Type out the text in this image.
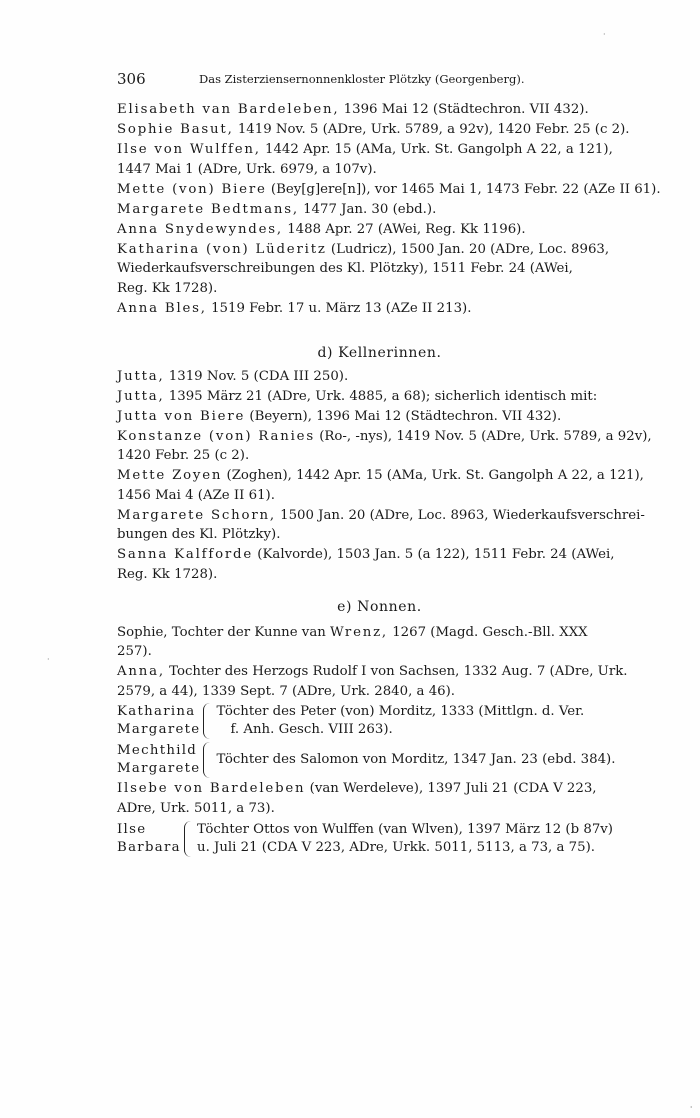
306	Das Zisterziensernonnenkloster Plötzky (Georgenberg).
Elisabeth van Bardeleben, 1396 Mai 12 (Städtechron. VII 432).
Sophie Basut, 1419 Nov. 5 (ADre, Urk. 5789, a 92v), 1420 Febr. 25 (c 2).
Ilse von Wulffen, 1442 Apr. 15 (AMa, Urk. St. Gangolph A 22, a 121),
1447 Mai 1 (ADre, Urk. 6979, a 107v).
Mette (von) Biere (Bey[g]ere[n]), vor 1465 Mai 1, 1473 Febr. 22 (AZe II 61).
Margarete Bedtmans, 1477 Jan. 30 (ebd.).
Anna Snydewyndes, 1488 Apr. 27 (AWei, Reg. Kk 1196).
Katharina (von) Lüderitz (Ludricz), 1500 Jan. 20 (ADre, Loc. 8963,
Wiederkaufsverschreibungen des Kl. Plötzky), 1511 Febr. 24 (AWei,
Reg. Kk 1728).
Anna Bles, 1519 Febr. 17 u. März 13 (AZe II 213).

d) Kellnerinnen.

Jutta, 1319 Nov. 5 (CDA III 250).
Jutta, 1395 März 21 (ADre, Urk. 4885, a 68); sicherlich identisch mit:
Jutta von Biere (Beyern), 1396 Mai 12 (Städtechron. VII 432).
Konstanze (von) Ranies (Ro-, -nys), 1419 Nov. 5 (ADre, Urk. 5789, a 92v),
1420 Febr. 25 (c 2).
Mette Zoyen (Zoghen), 1442 Apr. 15 (AMa, Urk. St. Gangolph A 22, a 121),
1456 Mai 4 (AZe II 61).
Margarete Schorn, 1500 Jan. 20 (ADre, Loc. 8963, Wiederkaufsverschrei-
bungen des Kl. Plötzky).
Sanna Kalfforde (Kalvorde), 1503 Jan. 5 (a 122), 1511 Febr. 24 (AWei,
Reg. Kk 1728).

e) Nonnen.

Sophie, Tochter der Kunne van Wrenz, 1267 (Magd. Gesch.-Bll. XXX
257).
Anna, Tochter des Herzogs Rudolf I von Sachsen, 1332 Aug. 7 (ADre, Urk.
2579, a 44), 1339 Sept. 7 (ADre, Urk. 2840, a 46).
Katharina
Margarete
Töchter des Peter (von) Morditz, 1333 (Mittlgn. d. Ver.
f. Anh. Gesch. VIII 263).
Mechthild
Margarete
Töchter des Salomon von Morditz, 1347 Jan. 23 (ebd. 384).
Ilsebe von Bardeleben (van Werdeleve), 1397 Juli 21 (CDA V 223,
ADre, Urk. 5011, a 73).
Ilse
Barbara
Töchter Ottos von Wulffen (van Wlven), 1397 März 12 (b 87v)
u. Juli 21 (CDA V 223, ADre, Urkk. 5011, 5113, a 73, a 75).
·
·
ˌ
